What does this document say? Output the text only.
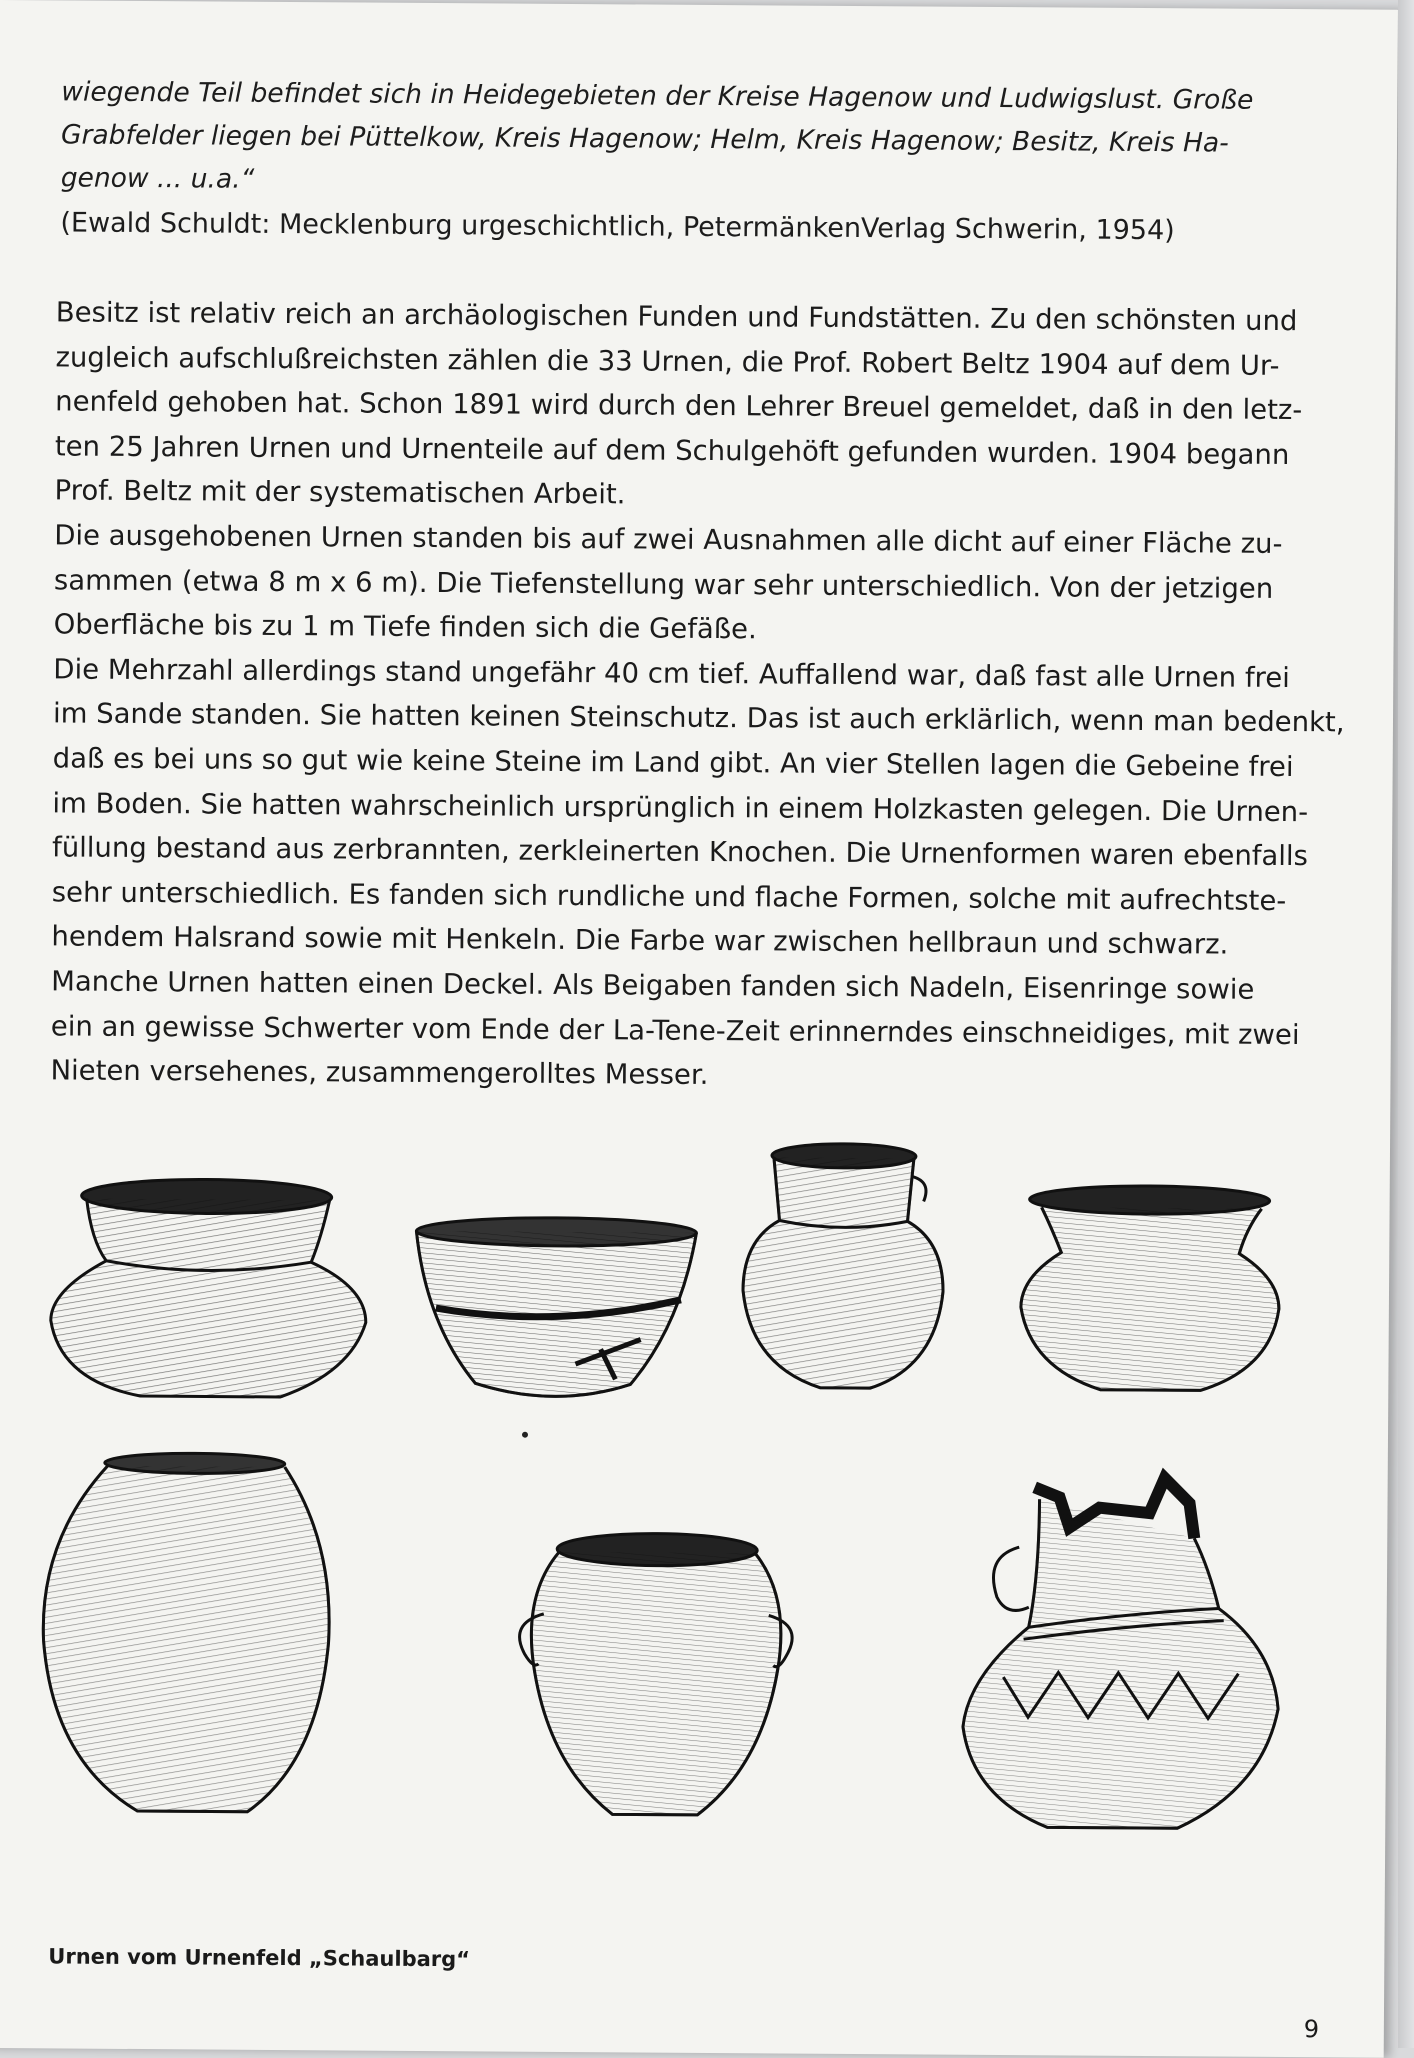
wiegende Teil befindet sich in Heidegebieten der Kreise Hagenow und Ludwigslust. Große
Grabfelder liegen bei Püttelkow, Kreis Hagenow; Helm, Kreis Hagenow; Besitz, Kreis Ha-
genow ... u.a.“
(Ewald Schuldt: Mecklenburg urgeschichtlich, PetermänkenVerlag Schwerin, 1954)
Besitz ist relativ reich an archäologischen Funden und Fundstätten. Zu den schönsten und
zugleich aufschlußreichsten zählen die 33 Urnen, die Prof. Robert Beltz 1904 auf dem Ur-
nenfeld gehoben hat. Schon 1891 wird durch den Lehrer Breuel gemeldet, daß in den letz-
ten 25 Jahren Urnen und Urnenteile auf dem Schulgehöft gefunden wurden. 1904 begann
Prof. Beltz mit der systematischen Arbeit.
Die ausgehobenen Urnen standen bis auf zwei Ausnahmen alle dicht auf einer Fläche zu-
sammen (etwa 8 m x 6 m). Die Tiefenstellung war sehr unterschiedlich. Von der jetzigen
Oberfläche bis zu 1 m Tiefe finden sich die Gefäße.
Die Mehrzahl allerdings stand ungefähr 40 cm tief. Auffallend war, daß fast alle Urnen frei
im Sande standen. Sie hatten keinen Steinschutz. Das ist auch erklärlich, wenn man bedenkt,
daß es bei uns so gut wie keine Steine im Land gibt. An vier Stellen lagen die Gebeine frei
im Boden. Sie hatten wahrscheinlich ursprünglich in einem Holzkasten gelegen. Die Urnen-
füllung bestand aus zerbrannten, zerkleinerten Knochen. Die Urnenformen waren ebenfalls
sehr unterschiedlich. Es fanden sich rundliche und flache Formen, solche mit aufrechtste-
hendem Halsrand sowie mit Henkeln. Die Farbe war zwischen hellbraun und schwarz.
Manche Urnen hatten einen Deckel. Als Beigaben fanden sich Nadeln, Eisenringe sowie
ein an gewisse Schwerter vom Ende der La-Tene-Zeit erinnerndes einschneidiges, mit zwei
Nieten versehenes, zusammengerolltes Messer.
Urnen vom Urnenfeld „Schaulbarg“
9
